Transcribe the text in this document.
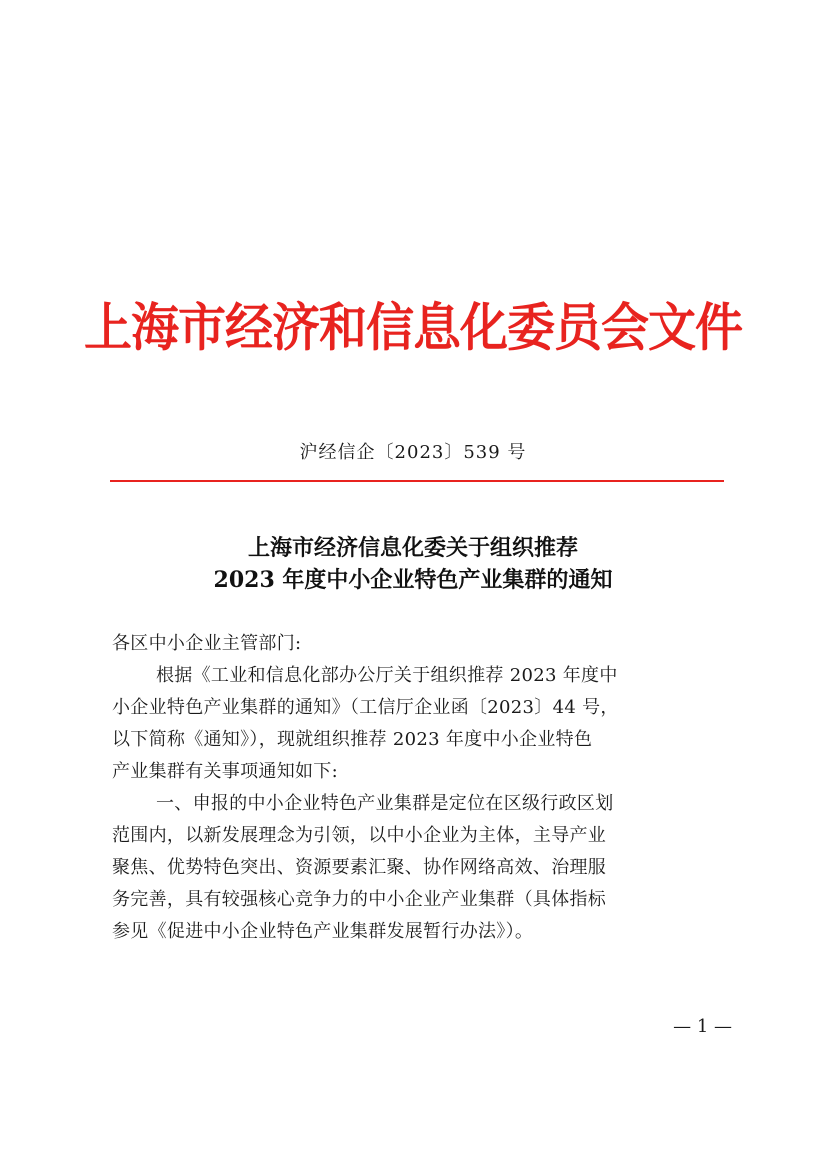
上海市经济和信息化委员会文件
沪经信企〔2023〕539 号
上海市经济信息化委关于组织推荐
2023 年度中小企业特色产业集群的通知
各区中小企业主管部门:
根据《工业和信息化部办公厅关于组织推荐 2023 年度中
小企业特色产业集群的通知》（工信厅企业函〔2023〕44 号，
以下简称《通知》），现就组织推荐 2023 年度中小企业特色
产业集群有关事项通知如下:
一、申报的中小企业特色产业集群是定位在区级行政区划
范围内，以新发展理念为引领，以中小企业为主体，主导产业
聚焦、优势特色突出、资源要素汇聚、协作网络高效、治理服
务完善，具有较强核心竞争力的中小企业产业集群（具体指标
参见《促进中小企业特色产业集群发展暂行办法》）。
— 1 —
